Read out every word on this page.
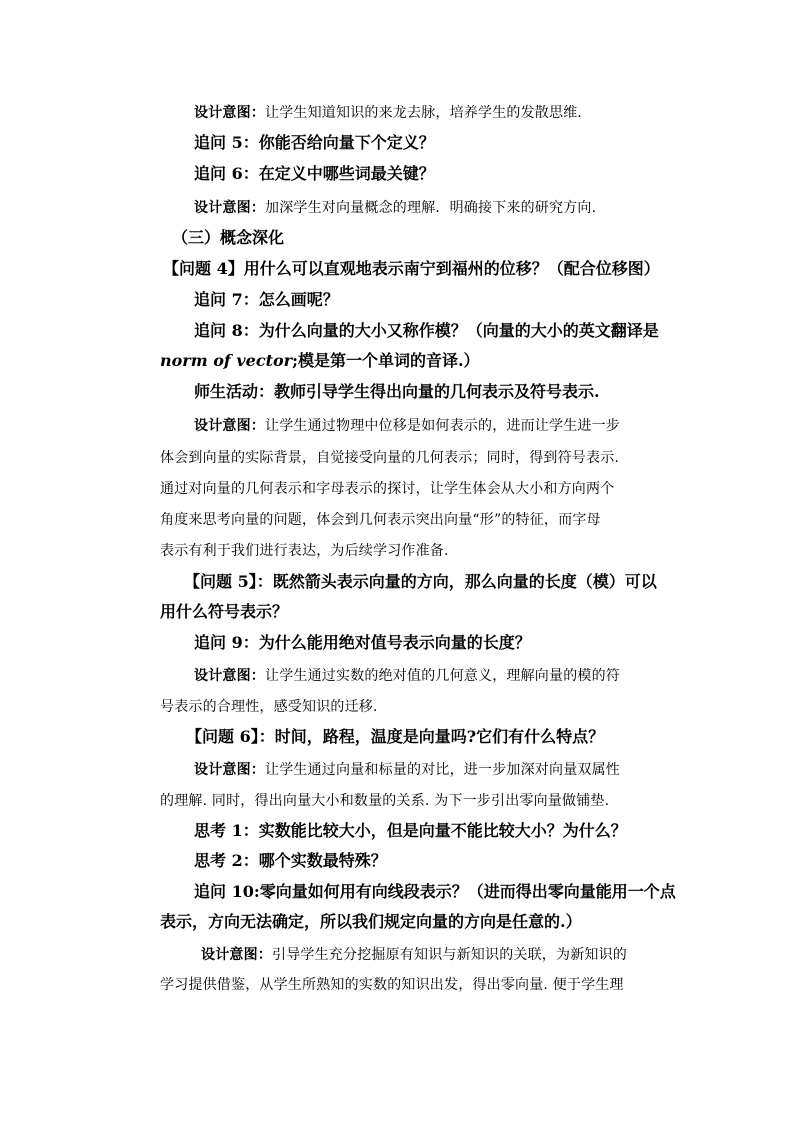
设计意图：让学生知道知识的来龙去脉，培养学生的发散思维.
追问 5：你能否给向量下个定义？
追问 6：在定义中哪些词最关键？
设计意图：加深学生对向量概念的理解．明确接下来的研究方向.
（三）概念深化
【问题 4】用什么可以直观地表示南宁到福州的位移？（配合位移图）
追问 7：怎么画呢？
追问 8：为什么向量的大小又称作模？（向量的大小的英文翻译是
norm of vector;模是第一个单词的音译.）
师生活动：教师引导学生得出向量的几何表示及符号表示.
设计意图：让学生通过物理中位移是如何表示的，进而让学生进一步
体会到向量的实际背景，自觉接受向量的几何表示；同时，得到符号表示.
通过对向量的几何表示和字母表示的探讨，让学生体会从大小和方向两个
角度来思考向量的问题，体会到几何表示突出向量“形”的特征，而字母
表示有利于我们进行表达，为后续学习作准备.
【问题 5】：既然箭头表示向量的方向，那么向量的长度（模）可以
用什么符号表示？
追问 9：为什么能用绝对值号表示向量的长度？
设计意图：让学生通过实数的绝对值的几何意义，理解向量的模的符
号表示的合理性，感受知识的迁移.
【问题 6】：时间，路程，温度是向量吗?它们有什么特点？
设计意图：让学生通过向量和标量的对比，进一步加深对向量双属性
的理解. 同时，得出向量大小和数量的关系. 为下一步引出零向量做铺垫.
思考 1：实数能比较大小，但是向量不能比较大小？为什么？
思考 2：哪个实数最特殊？
追问 10:零向量如何用有向线段表示？（进而得出零向量能用一个点
表示，方向无法确定，所以我们规定向量的方向是任意的.）
设计意图：引导学生充分挖掘原有知识与新知识的关联，为新知识的
学习提供借鉴，从学生所熟知的实数的知识出发，得出零向量. 便于学生理
